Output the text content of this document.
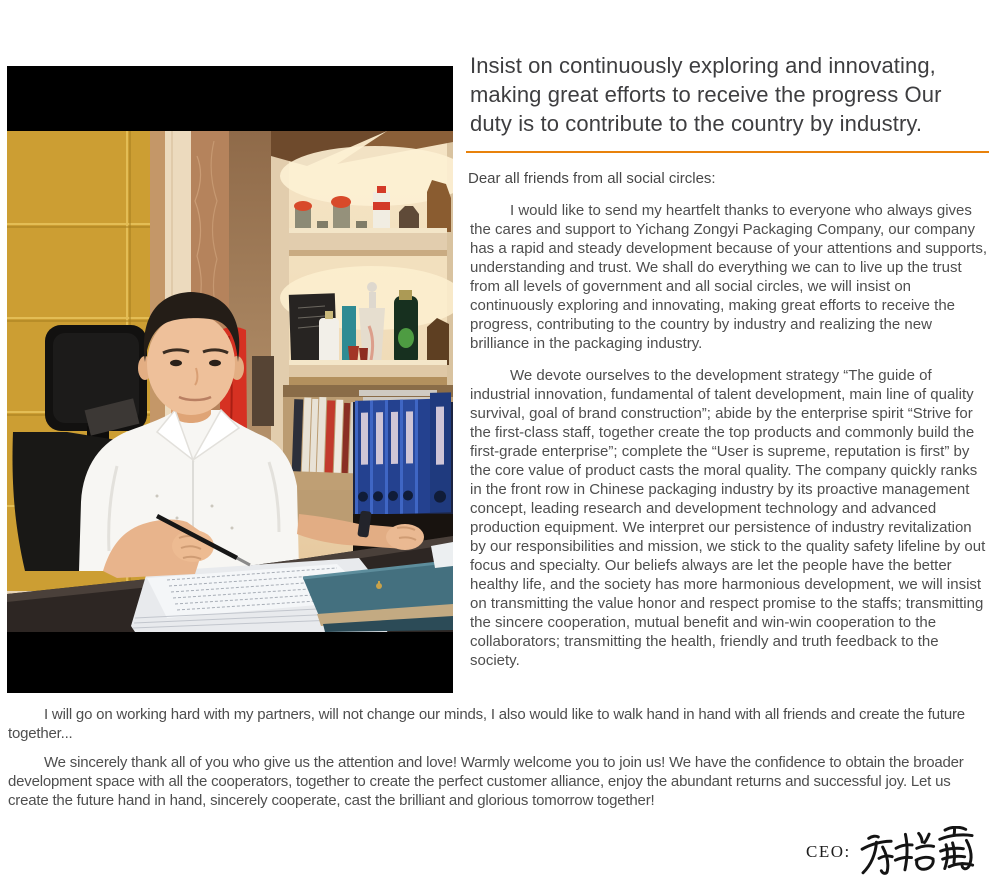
Insist on continuously exploring and innovating, making great efforts to receive the progress Our duty is to contribute to the country by industry.

Dear all friends from all social circles:

I would like to send my heartfelt thanks to everyone who always gives the cares and support to Yichang Zongyi Packaging Company, our company has a rapid and steady development because of your attentions and supports, understanding and trust. We shall do everything we can to live up the trust from all levels of government and all social circles, we will insist on continuously exploring and innovating, making great efforts to receive the progress, contributing to the country by industry and realizing the new brilliance in the packaging industry.

We devote ourselves to the development strategy “The guide of industrial innovation, fundamental of talent development, main line of quality survival, goal of brand construction”; abide by the enterprise spirit “Strive for the first-class staff, together create the top products and commonly build the first-grade enterprise”; complete the “User is supreme, reputation is first” by the core value of product casts the moral quality. The company quickly ranks in the front row in Chinese packaging industry by its proactive management concept, leading research and development technology and advanced production equipment. We interpret our persistence of industry revitalization by our responsibilities and mission, we stick to the quality safety lifeline by out focus and specialty. Our beliefs always are let the people have the better healthy life, and the society has more harmonious development, we will insist on transmitting the value honor and respect promise to the staffs; transmitting the sincere cooperation, mutual benefit and win-win cooperation to the collaborators; transmitting the health, friendly and truth feedback to the society.

I will go on working hard with my partners, will not change our minds, I also would like to walk hand in hand with all friends and create the future together...

We sincerely thank all of you who give us the attention and love! Warmly welcome you to join us! We have the confidence to obtain the broader development space with all the cooperators, together to create the perfect customer alliance, enjoy the abundant returns and successful joy. Let us create the future hand in hand, sincerely cooperate, cast the brilliant and glorious tomorrow together!

CEO:
